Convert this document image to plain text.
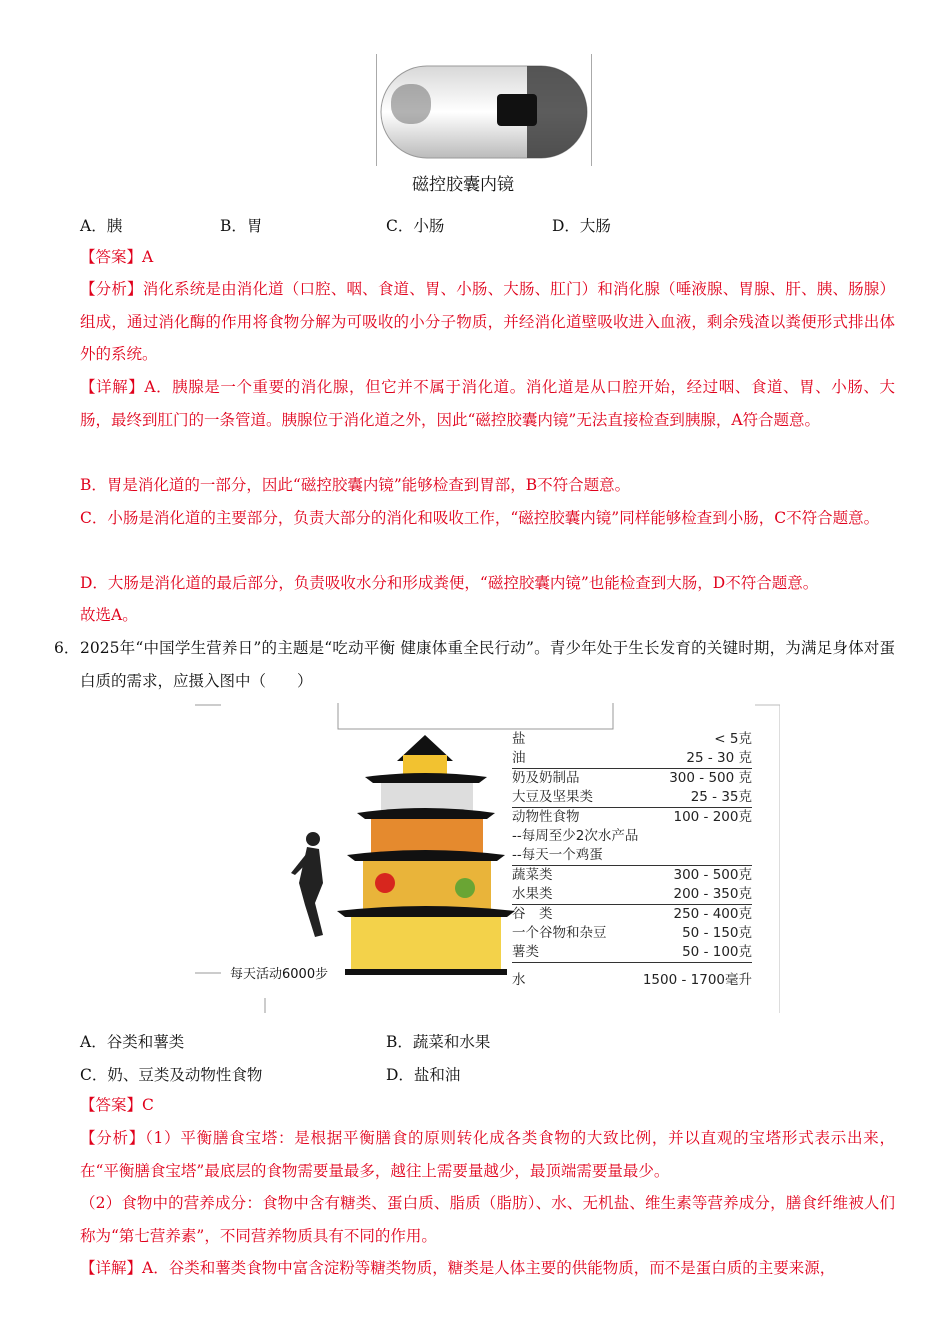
磁控胶囊内镜
A．胰	B．胃	C．小肠	D．大肠
【答案】A
【分析】消化系统是由消化道（口腔、咽、食道、胃、小肠、大肠、肛门）和消化腺（唾液腺、胃腺、肝、胰、肠腺）组成，通过消化酶的作用将食物分解为可吸收的小分子物质，并经消化道壁吸收进入血液，剩余残渣以粪便形式排出体外的系统。
【详解】A．胰腺是一个重要的消化腺，但它并不属于消化道。消化道是从口腔开始，经过咽、食道、胃、小肠、大肠，最终到肛门的一条管道。胰腺位于消化道之外，因此“磁控胶囊内镜”无法直接检查到胰腺，A符合题意。
B．胃是消化道的一部分，因此“磁控胶囊内镜”能够检查到胃部，B不符合题意。
C．小肠是消化道的主要部分，负责大部分的消化和吸收工作，“磁控胶囊内镜”同样能够检查到小肠，C不符合题意。
D．大肠是消化道的最后部分，负责吸收水分和形成粪便，“磁控胶囊内镜”也能检查到大肠，D不符合题意。
故选A。
6． 2025年“中国学生营养日”的主题是“吃动平衡 健康体重全民行动”。青少年处于生长发育的关键时期，为满足身体对蛋白质的需求，应摄入图中（　　）
每天活动6000步
盐	< 5克
油	25 - 30 克
奶及奶制品	300 - 500 克
大豆及坚果类	25 - 35克
动物性食物	100 - 200克
--每周至少2次水产品
--每天一个鸡蛋
蔬菜类	300 - 500克
水果类	200 - 350克
谷　类	250 - 400克
一个谷物和杂豆	50 - 150克
薯类	50 - 100克
水	1500 - 1700毫升
A．谷类和薯类	B．蔬菜和水果
C．奶、豆类及动物性食物	D．盐和油
【答案】C
【分析】（1）平衡膳食宝塔：是根据平衡膳食的原则转化成各类食物的大致比例，并以直观的宝塔形式表示出来，在“平衡膳食宝塔”最底层的食物需要量最多，越往上需要量越少，最顶端需要量最少。
（2）食物中的营养成分：食物中含有糖类、蛋白质、脂质（脂肪）、水、无机盐、维生素等营养成分，膳食纤维被人们称为“第七营养素”，不同营养物质具有不同的作用。
【详解】A．谷类和薯类食物中富含淀粉等糖类物质，糖类是人体主要的供能物质，而不是蛋白质的主要来源，
